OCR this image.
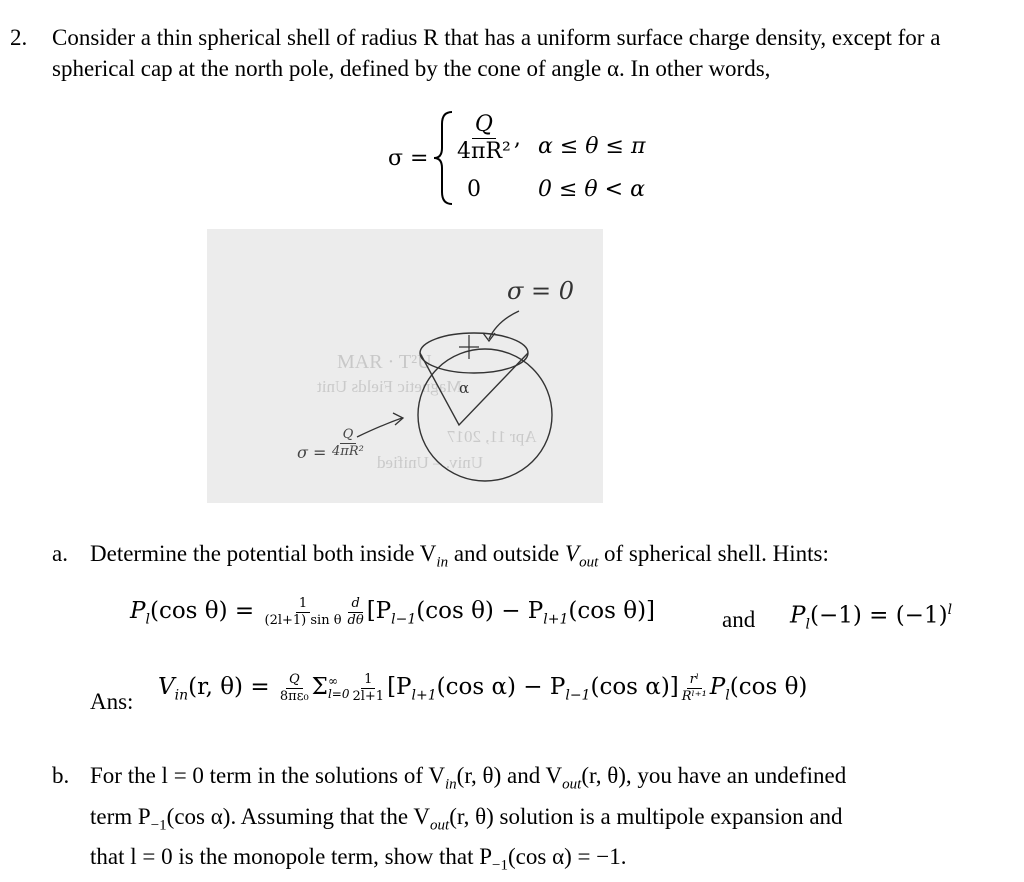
2. Consider a thin spherical shell of radius R that has a uniform surface charge density, except for a spherical cap at the north pole, defined by the cone of angle α. In other words,
$\sigma = \frac{Q}{\text{4πR²}}$ , α ≤ θ ≤ π
0	0 ≤ θ < α
MAR · T²U
Magnetic Fields Unit
Apr 11, 2017
Univ. – Unified
σ = 0
α
$\sigma = \frac{Q}{\text{4πR²}}$
a. Determine the potential both inside $V_{in}$ and outside $V_{out}$ of spherical shell. Hints:
$P_l(\cos$ $\theta) = \frac{1}{\text{(2l+1) sin θ}} \frac{d}{d\theta} [P_{l-1}(\cos$ $\theta) - P_{l+1}(\cos$ θ)]	and $P_l(-1) = (-1)^l$
Ans:
$V_{in}(r$, $\theta) = \frac{Q}{\text{8πε₀}}$ Σ ∞
$l=0 \frac{1}{2l+1} [P_{l+1}(\cos$ $\alpha) - P_{l-1}(\cos$ $\alpha)] \frac{\text{rˡ}}{\text{Rˡ⁺¹}} P_l(\cos$ θ)
b. For the l = 0 term in the solutions of $V_{in}(r$, θ) and $V_{out}(r$, θ), you have an undefined
term $P_{-1}(\cos$ α). Assuming that the $V_{out}(r$, θ) solution is a multipole expansion and
that l = 0 is the monopole term, show that $P_{-1}(\cos$ α) = −1.
